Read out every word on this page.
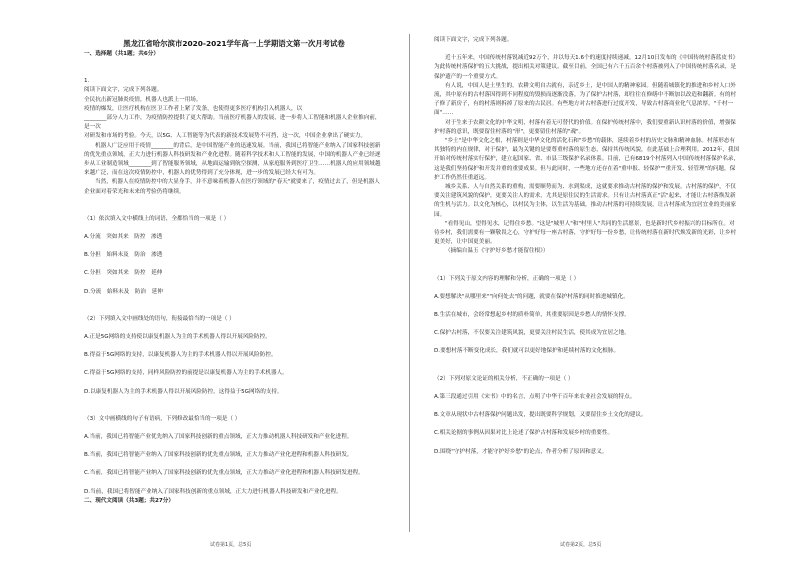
黑龙江省哈尔滨市2020-2021学年高一上学期语文第一次月考试卷

一、选择题（共1题；共6分）

1.

阅读下面文字，完成下列各题。

全民抗击新冠肺炎疫情，机器人也派上一用场。

疫情的爆发，让医疗机构在医卫工作者上紧了发条，也使得更多医疗机构引入机器人，以

________部分人力工作，为疫情防控提供了更大帮助。当前医疗机器人的发展，进一步将人工智能和机器人企业推向前，是一次

对研发和市场的考验。今天，以5G、人工智能等为代表的新技术发展势不可挡，这一次，中国企业拿出了硬实力。

机器人广泛应用于疫情________的背后，是中国智能产业的迅速发展。当前，我国已将智能产业纳入了国家科技创新的优先重点领域，正大力进行机器人科技研发和产业化进程。随着科学技术和人工智能的发展，中国的机器人产业已经逐步从工业制造领域________到了智能服务领域，从地面运输到航空探测，从家庭服务到医疗卫生……机器人的应用领域越来越广泛，而在这次疫情防控中，机器人的优势得到了充分体现，进一步的发展已经大有可为。

当然，机器人在疫情防控中的大显身手，并不意味着机器人在医疗领域的"春天"就要来了，疫情过去了，但是机器人企业面对着荣光和未来的考验仍将继续。

（1）依次填入文中横线上的词语，全都恰当的一项是（ ）

A.分流　突如其来　防控　渗透

B.分担　始料未及　防治　渗透

C.分担　突如其来　防控　延伸

D.分流　始料未及　防治　延伸

（2）下列填入文中画线处的语句，衔接最恰当的一项是（ ）

A.正是5G网络的支持使以康复机器人为主的手术机器人得以开展风险防控。

B.得益于5G网络的支持，以康复机器人为主的手术机器人得以开展风险防控。

C.得益于5G网络的支持，同样风险防控的前提是以康复机器人为主的手术机器人。

D.以康复机器人为主的手术机器人得以开展风险防控，这得益于5G网络的支持。

（3）文中画横线的句子有语病，下列修改最恰当的一项是（ ）

A.当前，我国已将智能产业优先纳入了国家科技创新的重点领域，正大力推动机器人科技研发和产业化进程。

B.当前，我国已将智能产业纳入了国家科技创新的优先重点领域，正大力推动产业化进程和机器人科技研发。

C.当前，我国已将智能产业纳入了国家科技创新的优先重点领域，正大力推动产业化进程和机器人科技研发进程。

D.当前，我国已将智能产业纳入了国家科技创新的重点领域，正大力进行机器人科技研发和产业化进程。

二、现代文阅读（共3题；共27分）

阅读下面文字，完成下列各题。

近十五年来，中国传统村落锐减近92万个，并以每天1.6个的速度持续递减。12月10日发布的《中国传统村落蓝皮书》为此传统村落保护的五大挑战，提出相关对策建议。截至目前，全国已有六千五百余个村落被列入了中国传统村落名录，是保护遗产的一个重要方式。

有人说，中国人是土里生的。农耕文明自古就有，亲近乡土，是中国人的精神家园。但随着城镇化的推进和乡村人口外流，其中原有的古村落因得到不同程度的毁损而逐渐没落。为了保护古村落，却往往在修缮中不断加以改造和翻新。有的村子修了新房子，有的村落则拆掉了原来的古民居。有些地方对古村落进行过度开发，导致古村落商业化气息浓厚，"千村一面"……

对于生来于农耕文化的中华文明，村落有着无可替代的价值。在保护传统村落中，我们要重新认识村落的价值，增强保护村落的意识，既要留住村落的"形"，更要留住村落的"魂"。

"乡土"是中华文化之根，村落则是中华文化的活化石和"乡愁"的载体，延续着乡村的历史文脉和精神血脉。村落形态有其独特的内在规律，对于保护，最为关键的是要尊重村落的原生态，保持其传统风貌，在此基础上合理利用。2012年，我国开始对传统村落实行保护，建立起国家、省、市县三级保护名录体系。目前，已有6819个村落列入中国传统村落保护名录，这是我们坚持保护和开发并重的重要成果。但与此同时，一些地方还存在着"重申报、轻保护""重开发、轻管理"的问题，保护工作仍然任重道远。

城乡关系、人与自然关系的重构，需要顺势而为、水到渠成，这就要求推动古村落的保护和发展。古村落的保护，不仅要关注建筑风貌的保护，更要关注人的需求，尤其是原住民的生活需求。只有让古村落真正"活"起来，才能让古村落焕发新的生机与活力。以文化为核心，以村民为主体，以生活为基础，推动古村落的可持续发展，让古村落成为宜居宜业的美丽家园。

"看得见山，望得见水，记得住乡愁。"这是"城里人"和"村里人"共同的生活愿景，也是新时代乡村振兴的目标所在。对待乡村，我们需要有一颗敬畏之心，守护好每一座古村落，守护好每一份乡愁，让传统村落在新时代焕发新的光彩，让乡村更美好，让中国更美丽。

（摘编自温玉《守护好乡愁才能留住根》）

（1）下列关于原文内容的理解和分析，正确的一项是（ ）

A.要想解决"从哪里来""向何处去"的问题，就要在保护村落的同时推进城镇化。

B.生活在城市，会经常想起乡村的质朴简单，其重要原因是乡愁人的情怀支撑。

C.保护古村落，不仅要关注建筑风貌，更要关注村民生活，使其成为宜居之地。

D.要想村落不断变化成长，我们就可以更好地保护和延续村落的文化根脉。

（2）下列对原文论证的相关分析，不正确的一项是（ ）

A.第三段通过引用《宋书》中的名言，点明了中华千百年来农业社会发展的特点。

B.文章从现状中古村落保护问题出发，提出既要科学规划，又要留住乡土文化的建议。

C.相关论据的事例从因果对比上论述了保护古村落和发展乡村的重要性。

D.围绕"守护村落，才能守护好乡愁"的论点，作者分析了原因和意义。

试卷第1页，总5页	试卷第2页，总5页
